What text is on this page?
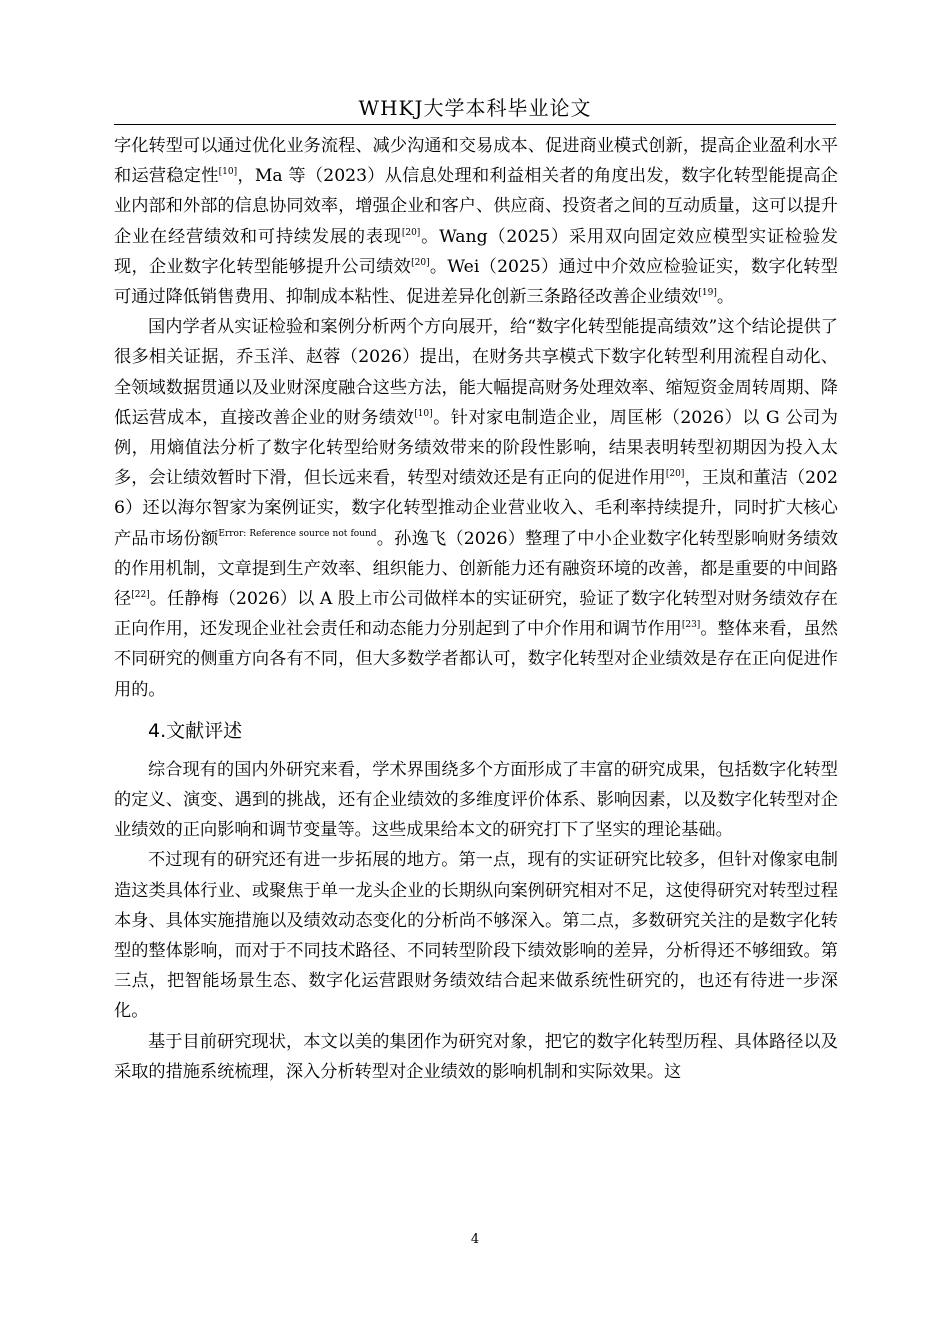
WHKJ大学本科毕业论文

字化转型可以通过优化业务流程、减少沟通和交易成本、促进商业模式创新，提高企业盈利水平和运营稳定性[10]，Ma 等（2023）从信息处理和利益相关者的角度出发，数字化转型能提高企业内部和外部的信息协同效率，增强企业和客户、供应商、投资者之间的互动质量，这可以提升企业在经营绩效和可持续发展的表现[20]。Wang（2025）采用双向固定效应模型实证检验发现，企业数字化转型能够提升公司绩效[20]。Wei（2025）通过中介效应检验证实，数字化转型可通过降低销售费用、抑制成本粘性、促进差异化创新三条路径改善企业绩效[19]。

国内学者从实证检验和案例分析两个方向展开，给“数字化转型能提高绩效”这个结论提供了很多相关证据，乔玉洋、赵蓉（2026）提出，在财务共享模式下数字化转型利用流程自动化、全领域数据贯通以及业财深度融合这些方法，能大幅提高财务处理效率、缩短资金周转周期、降低运营成本，直接改善企业的财务绩效[10]。针对家电制造企业，周匡彬（2026）以 G 公司为例，用熵值法分析了数字化转型给财务绩效带来的阶段性影响，结果表明转型初期因为投入太多，会让绩效暂时下滑，但长远来看，转型对绩效还是有正向的促进作用[20]，王岚和董洁（2026）还以海尔智家为案例证实，数字化转型推动企业营业收入、毛利率持续提升，同时扩大核心产品市场份额$^{Error: Reference source not found}$。孙逸飞（2026）整理了中小企业数字化转型影响财务绩效的作用机制，文章提到生产效率、组织能力、创新能力还有融资环境的改善，都是重要的中间路径[22]。任静梅（2026）以 A 股上市公司做样本的实证研究，验证了数字化转型对财务绩效存在正向作用，还发现企业社会责任和动态能力分别起到了中介作用和调节作用[23]。整体来看，虽然不同研究的侧重方向各有不同，但大多数学者都认可，数字化转型对企业绩效是存在正向促进作用的。

4.文献评述

综合现有的国内外研究来看，学术界围绕多个方面形成了丰富的研究成果，包括数字化转型的定义、演变、遇到的挑战，还有企业绩效的多维度评价体系、影响因素，以及数字化转型对企业绩效的正向影响和调节变量等。这些成果给本文的研究打下了坚实的理论基础。

不过现有的研究还有进一步拓展的地方。第一点，现有的实证研究比较多，但针对像家电制造这类具体行业、或聚焦于单一龙头企业的长期纵向案例研究相对不足，这使得研究对转型过程本身、具体实施措施以及绩效动态变化的分析尚不够深入。第二点，多数研究关注的是数字化转型的整体影响，而对于不同技术路径、不同转型阶段下绩效影响的差异，分析得还不够细致。第三点，把智能场景生态、数字化运营跟财务绩效结合起来做系统性研究的，也还有待进一步深化。

基于目前研究现状，本文以美的集团作为研究对象，把它的数字化转型历程、具体路径以及采取的措施系统梳理，深入分析转型对企业绩效的影响机制和实际效果。这

4
